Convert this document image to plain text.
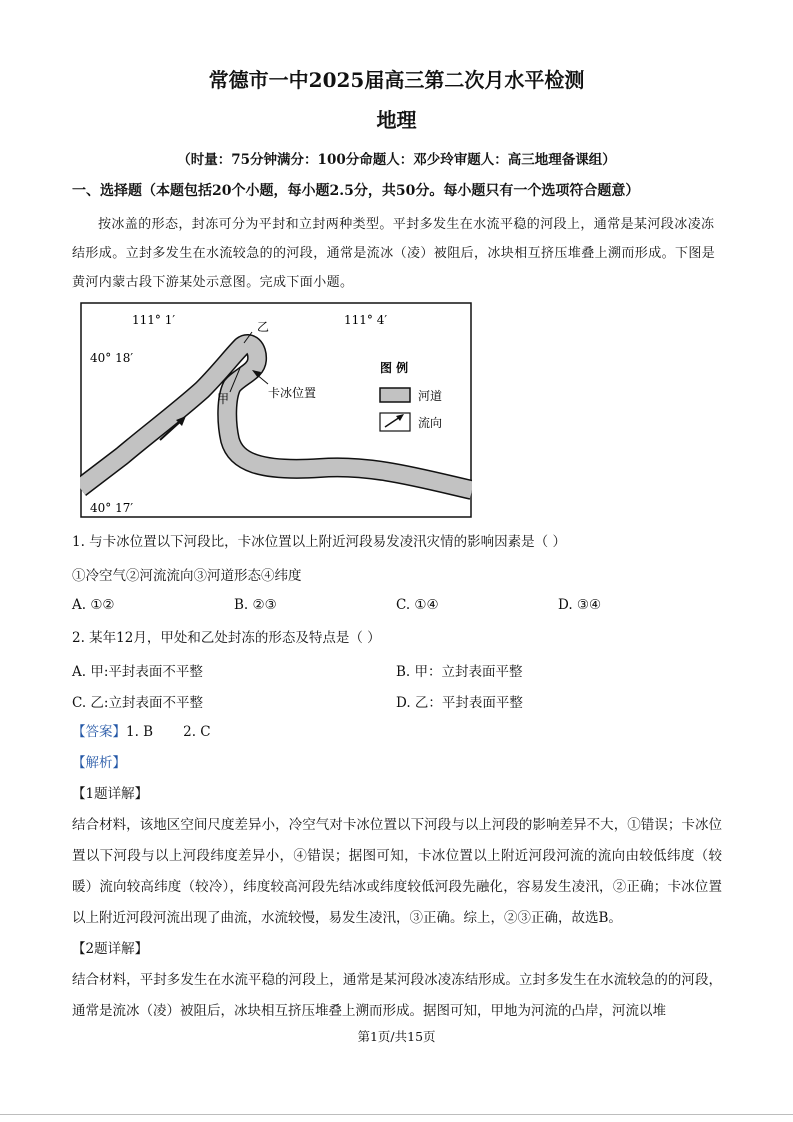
常德市一中2025届高三第二次月水平检测
地理
（时量：75分钟满分：100分命题人：邓少玲审题人：高三地理备课组）
一、选择题（本题包括20个小题，每小题2.5分，共50分。每小题只有一个选项符合题意）
按冰盖的形态，封冻可分为平封和立封两种类型。平封多发生在水流平稳的河段上，通常是某河段冰凌冻结形成。立封多发生在水流较急的的河段，通常是流冰（凌）被阻后，冰块相互挤压堆叠上溯而形成。下图是黄河内蒙古段下游某处示意图。完成下面小题。
111° 1′	111° 4′
40° 18′
40° 17′
乙
甲	卡冰位置
图 例
河道
流向
1. 与卡冰位置以下河段比，卡冰位置以上附近河段易发凌汛灾情的影响因素是（ ）
①冷空气②河流流向③河道形态④纬度
A. ①②	B. ②③	C. ①④	D. ③④
2. 某年12月，甲处和乙处封冻的形态及特点是（ ）
A. 甲:平封表面不平整	B. 甲：立封表面平整
C. 乙:立封表面不平整	D. 乙：平封表面平整
【答案】1. B       2. C
【解析】
【1题详解】
结合材料，该地区空间尺度差异小，冷空气对卡冰位置以下河段与以上河段的影响差异不大，①错误；卡冰位置以下河段与以上河段纬度差异小，④错误；据图可知，卡冰位置以上附近河段河流的流向由较低纬度（较暖）流向较高纬度（较冷），纬度较高河段先结冰或纬度较低河段先融化，容易发生凌汛，②正确；卡冰位置以上附近河段河流出现了曲流，水流较慢，易发生凌汛，③正确。综上，②③正确，故选B。
【2题详解】
结合材料，平封多发生在水流平稳的河段上，通常是某河段冰凌冻结形成。立封多发生在水流较急的的河段，通常是流冰（凌）被阻后，冰块相互挤压堆叠上溯而形成。据图可知，甲地为河流的凸岸，河流以堆
第1页/共15页
